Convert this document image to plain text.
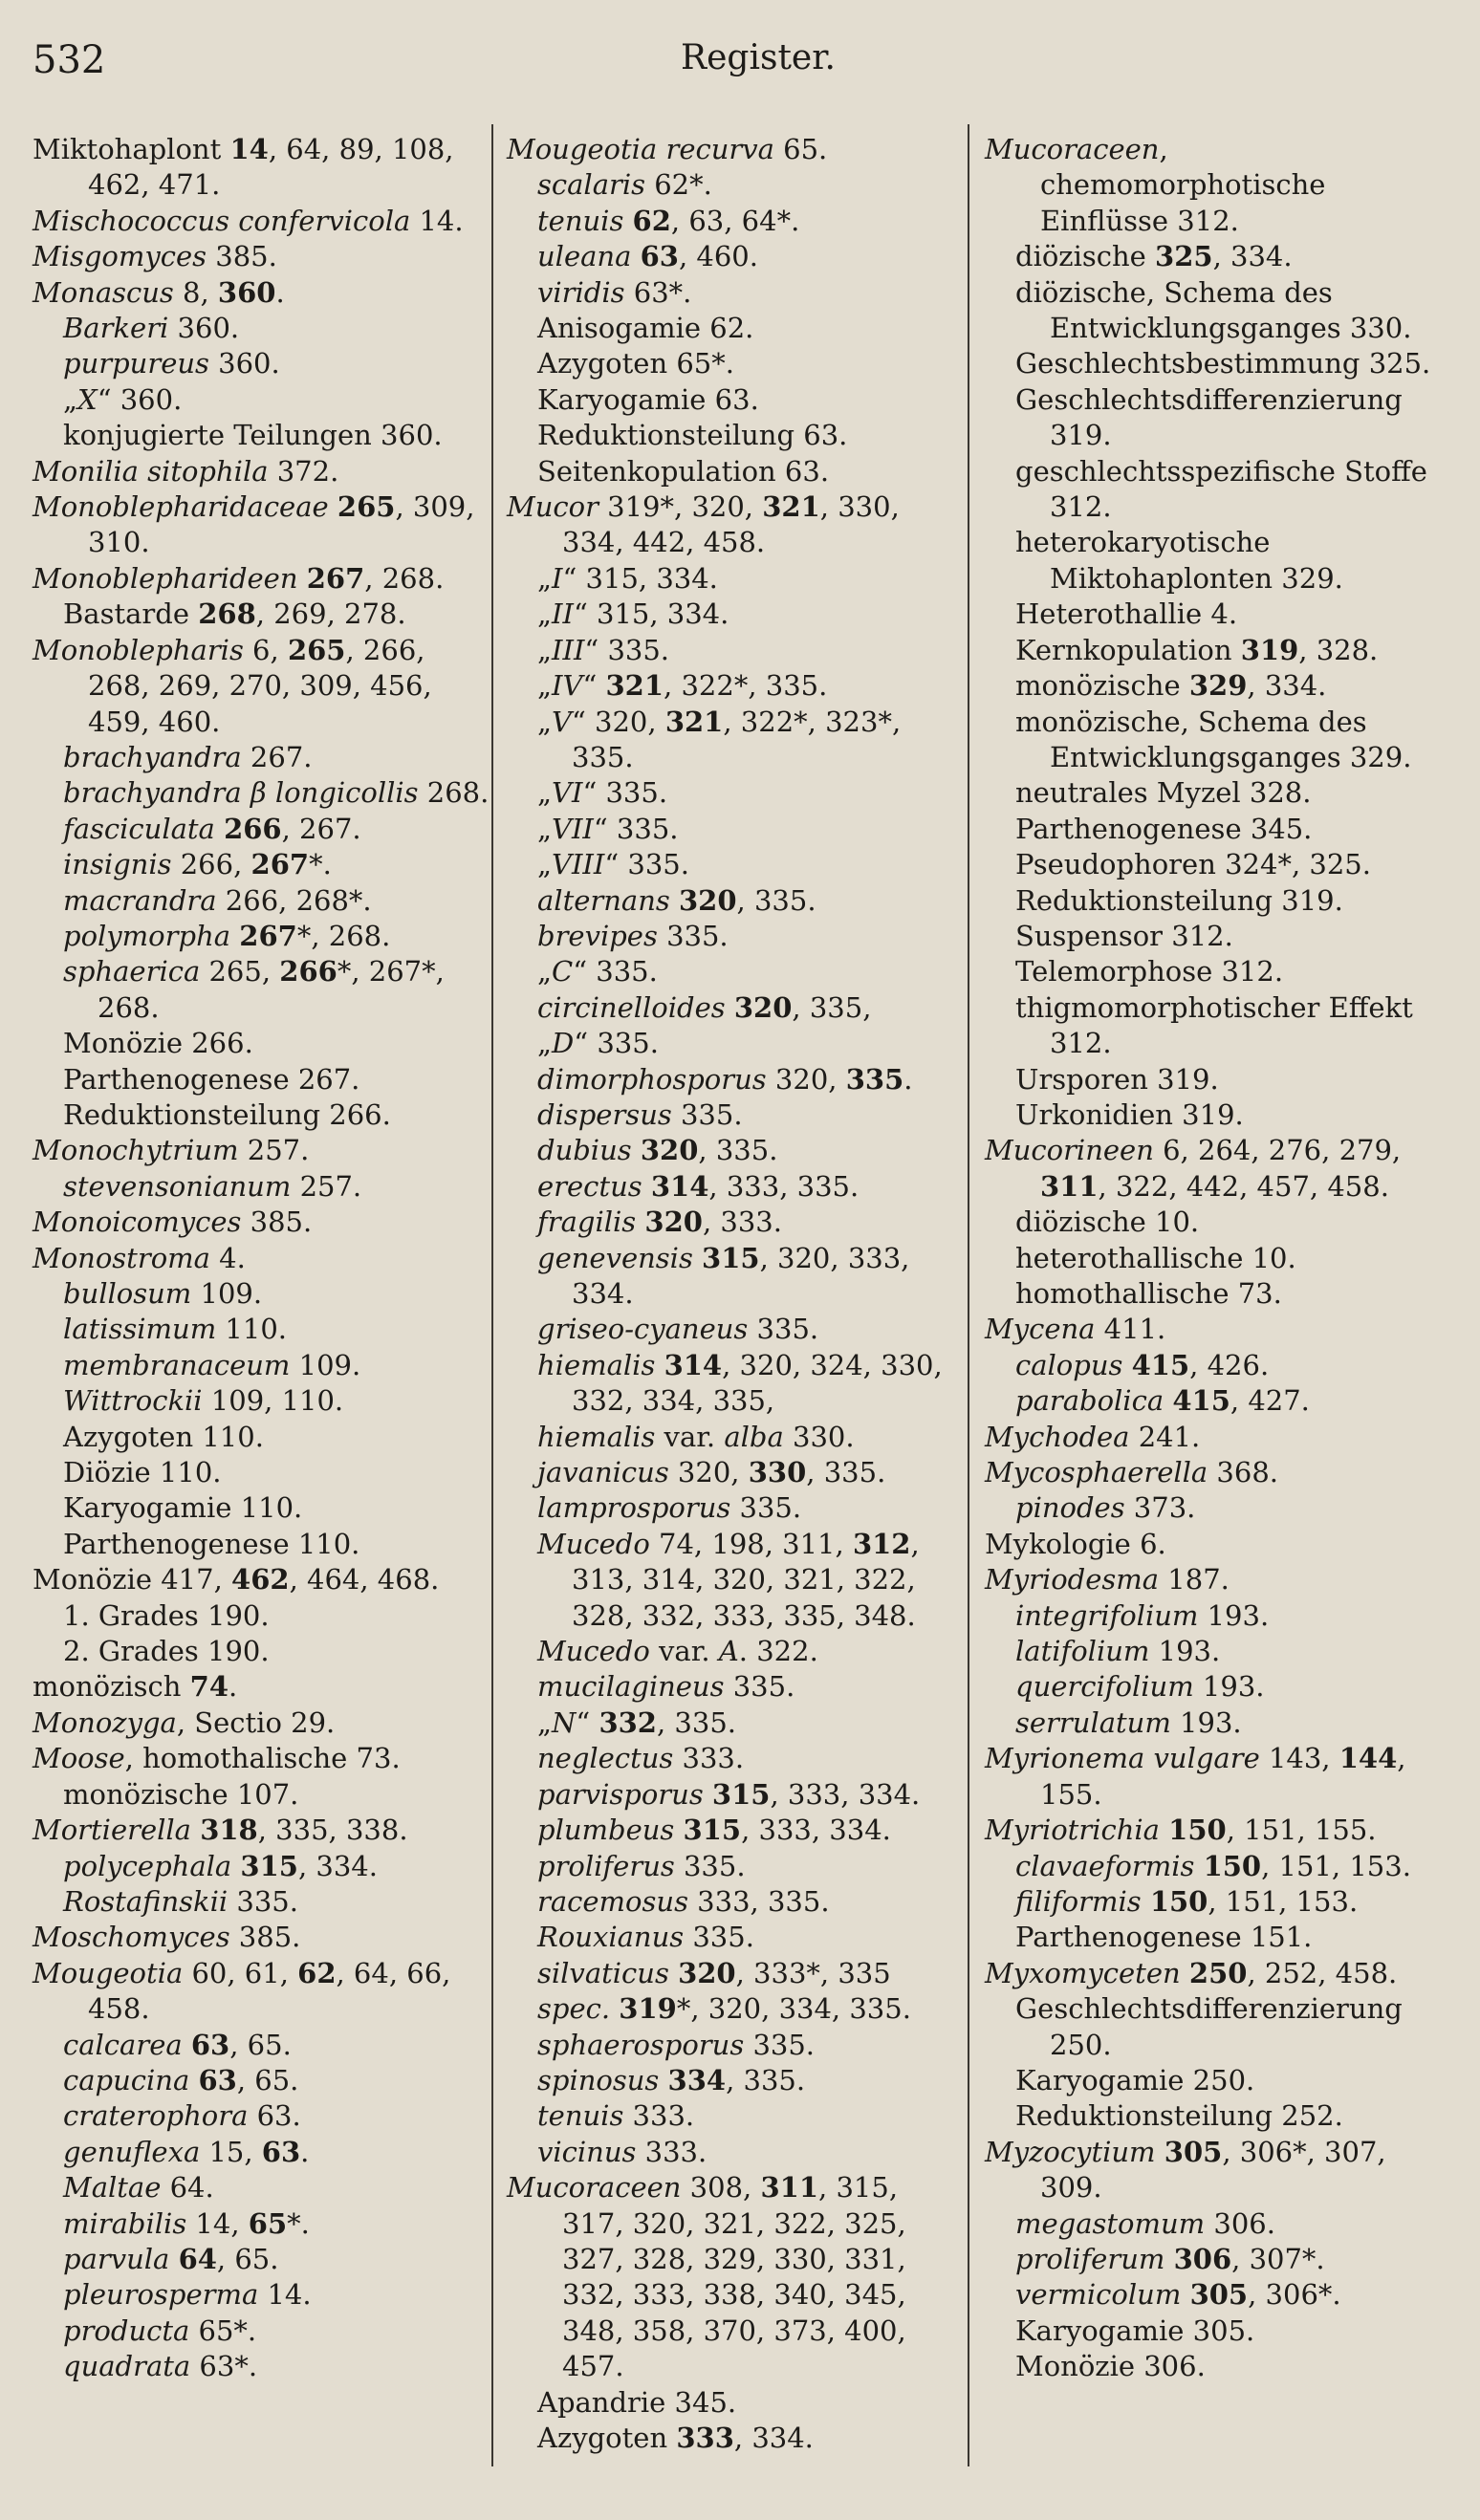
532	Register.
Miktohaplont 14, 64, 89, 108, 462, 471.
Mischococcus confervicola 14.
Misgomyces 385.
Monascus 8, 360.
Barkeri 360.
purpureus 360.
„X“ 360.
konjugierte Teilungen 360.
Monilia sitophila 372.
Monoblepharidaceae 265, 309, 310.
Monoblepharideen 267, 268.
Bastarde 268, 269, 278.
Monoblepharis 6, 265, 266, 268, 269, 270, 309, 456, 459, 460.
brachyandra 267.
brachyandra β longicollis 268.
fasciculata 266, 267.
insignis 266, 267*.
macrandra 266, 268*.
polymorpha 267*, 268.
sphaerica 265, 266*, 267*, 268.
Monözie 266.
Parthenogenese 267.
Reduktionsteilung 266.
Monochytrium 257.
stevensonianum 257.
Monoicomyces 385.
Monostroma 4.
bullosum 109.
latissimum 110.
membranaceum 109.
Wittrockii 109, 110.
Azygoten 110.
Diözie 110.
Karyogamie 110.
Parthenogenese 110.
Monözie 417, 462, 464, 468.
1. Grades 190.
2. Grades 190.
monözisch 74.
Monozyga, Sectio 29.
Moose, homothalische 73.
monözische 107.
Mortierella 318, 335, 338.
polycephala 315, 334.
Rostafinskii 335.
Moschomyces 385.
Mougeotia 60, 61, 62, 64, 66, 458.
calcarea 63, 65.
capucina 63, 65.
craterophora 63.
genuflexa 15, 63.
Maltae 64.
mirabilis 14, 65*.
parvula 64, 65.
pleurosperma 14.
producta 65*.
quadrata 63*.
Mougeotia recurva 65.
scalaris 62*.
tenuis 62, 63, 64*.
uleana 63, 460.
viridis 63*.
Anisogamie 62.
Azygoten 65*.
Karyogamie 63.
Reduktionsteilung 63.
Seitenkopulation 63.
Mucor 319*, 320, 321, 330, 334, 442, 458.
„I“ 315, 334.
„II“ 315, 334.
„III“ 335.
„IV“ 321, 322*, 335.
„V“ 320, 321, 322*, 323*, 335.
„VI“ 335.
„VII“ 335.
„VIII“ 335.
alternans 320, 335.
brevipes 335.
„C“ 335.
circinelloides 320, 335,
„D“ 335.
dimorphosporus 320, 335.
dispersus 335.
dubius 320, 335.
erectus 314, 333, 335.
fragilis 320, 333.
genevensis 315, 320, 333, 334.
griseo-cyaneus 335.
hiemalis 314, 320, 324, 330, 332, 334, 335,
hiemalis var. alba 330.
javanicus 320, 330, 335.
lamprosporus 335.
Mucedo 74, 198, 311, 312, 313, 314, 320, 321, 322, 328, 332, 333, 335, 348.
Mucedo var. A. 322.
mucilagineus 335.
„N“ 332, 335.
neglectus 333.
parvisporus 315, 333, 334.
plumbeus 315, 333, 334.
proliferus 335.
racemosus 333, 335.
Rouxianus 335.
silvaticus 320, 333*, 335
spec. 319*, 320, 334, 335.
sphaerosporus 335.
spinosus 334, 335.
tenuis 333.
vicinus 333.
Mucoraceen 308, 311, 315, 317, 320, 321, 322, 325, 327, 328, 329, 330, 331, 332, 333, 338, 340, 345, 348, 358, 370, 373, 400, 457.
Apandrie 345.
Azygoten 333, 334.
Mucoraceen, chemomorphotische Einflüsse 312.
diözische 325, 334.
diözische, Schema des Entwicklungsganges 330.
Geschlechtsbestimmung 325.
Geschlechtsdifferenzierung 319.
geschlechtsspezifische Stoffe 312.
heterokaryotische Miktohaplonten 329.
Heterothallie 4.
Kernkopulation 319, 328.
monözische 329, 334.
monözische, Schema des Entwicklungsganges 329.
neutrales Myzel 328.
Parthenogenese 345.
Pseudophoren 324*, 325.
Reduktionsteilung 319.
Suspensor 312.
Telemorphose 312.
thigmomorphotischer Effekt 312.
Ursporen 319.
Urkonidien 319.
Mucorineen 6, 264, 276, 279, 311, 322, 442, 457, 458.
diözische 10.
heterothallische 10.
homothallische 73.
Mycena 411.
calopus 415, 426.
parabolica 415, 427.
Mychodea 241.
Mycosphaerella 368.
pinodes 373.
Mykologie 6.
Myriodesma 187.
integrifolium 193.
latifolium 193.
quercifolium 193.
serrulatum 193.
Myrionema vulgare 143, 144, 155.
Myriotrichia 150, 151, 155.
clavaeformis 150, 151, 153.
filiformis 150, 151, 153.
Parthenogenese 151.
Myxomyceten 250, 252, 458.
Geschlechtsdifferenzierung 250.
Karyogamie 250.
Reduktionsteilung 252.
Myzocytium 305, 306*, 307, 309.
megastomum 306.
proliferum 306, 307*.
vermicolum 305, 306*.
Karyogamie 305.
Monözie 306.
